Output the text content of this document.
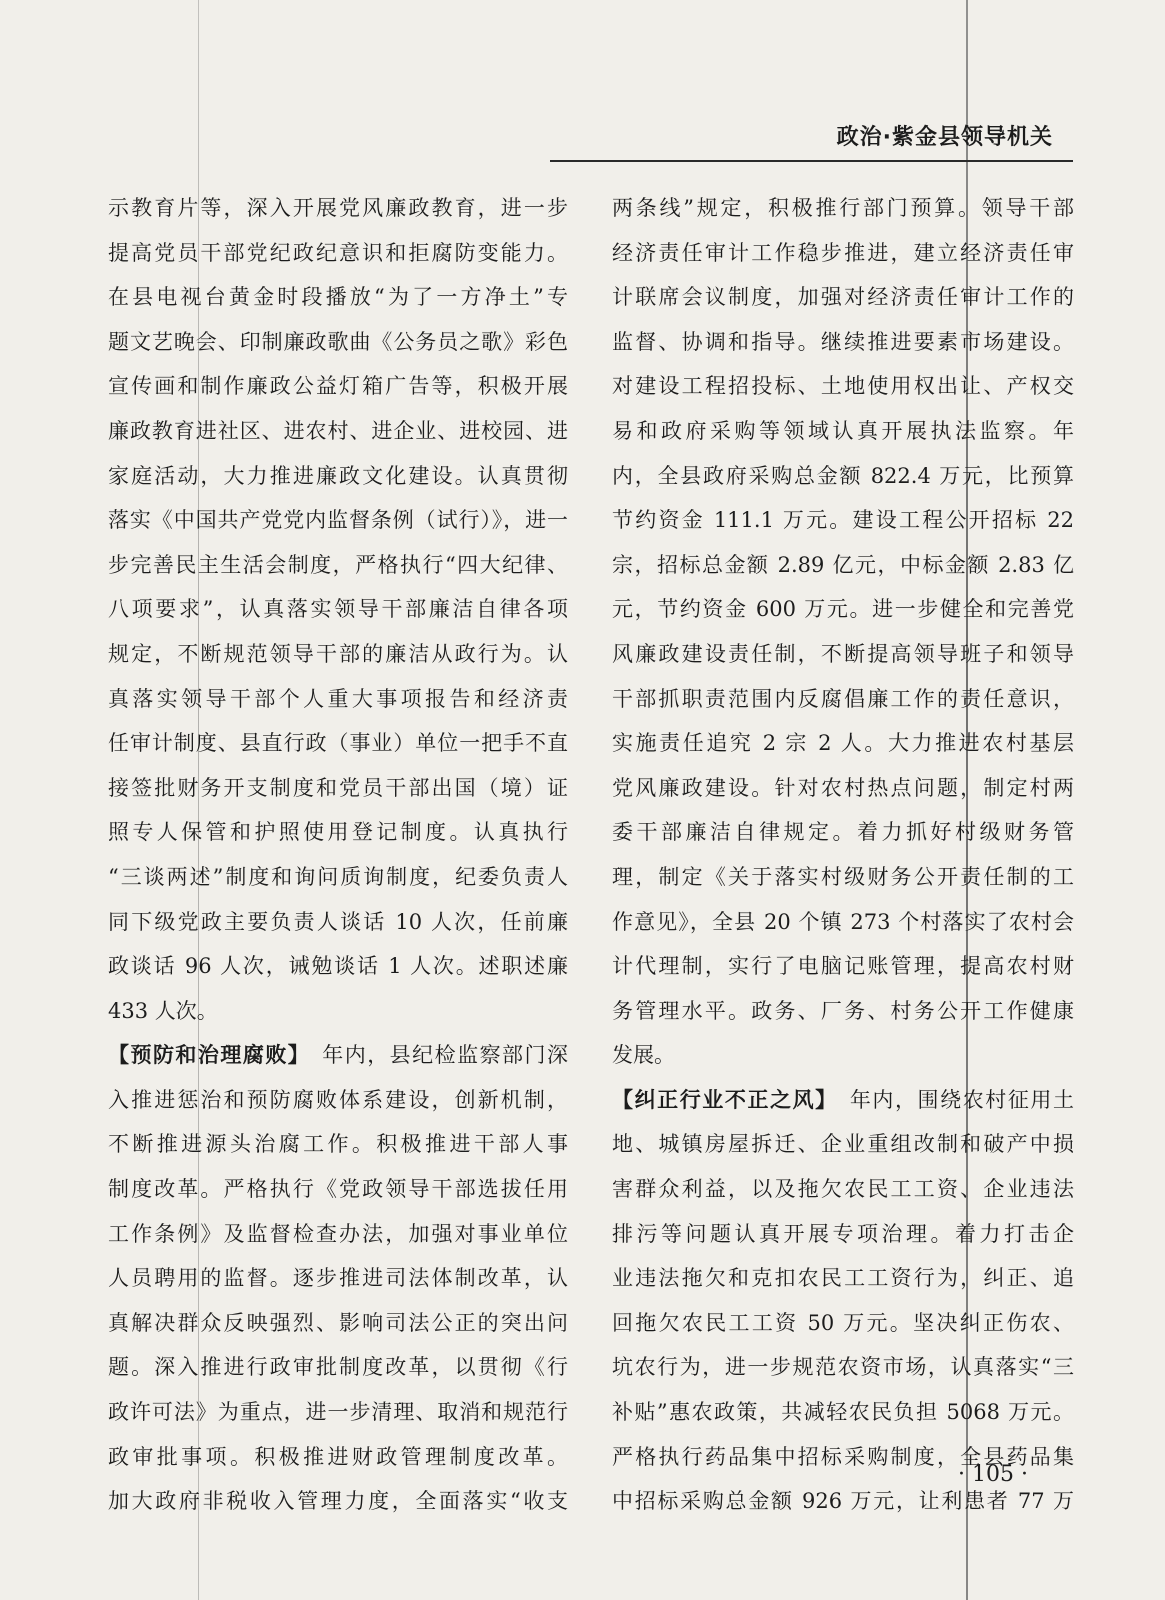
政治·紫金县领导机关
示教育片等，深入开展党风廉政教育，进一步
提高党员干部党纪政纪意识和拒腐防变能力。
在县电视台黄金时段播放“为了一方净土”专
题文艺晚会、印制廉政歌曲《公务员之歌》彩色
宣传画和制作廉政公益灯箱广告等，积极开展
廉政教育进社区、进农村、进企业、进校园、进
家庭活动，大力推进廉政文化建设。认真贯彻
落实《中国共产党党内监督条例（试行）》，进一
步完善民主生活会制度，严格执行“四大纪律、
八项要求”，认真落实领导干部廉洁自律各项
规定，不断规范领导干部的廉洁从政行为。认
真落实领导干部个人重大事项报告和经济责
任审计制度、县直行政（事业）单位一把手不直
接签批财务开支制度和党员干部出国（境）证
照专人保管和护照使用登记制度。认真执行
“三谈两述”制度和询问质询制度，纪委负责人
同下级党政主要负责人谈话 10 人次，任前廉
政谈话 96 人次，诫勉谈话 1 人次。述职述廉
433 人次。
【预防和治理腐败】　年内，县纪检监察部门深
入推进惩治和预防腐败体系建设，创新机制，
不断推进源头治腐工作。积极推进干部人事
制度改革。严格执行《党政领导干部选拔任用
工作条例》及监督检查办法，加强对事业单位
人员聘用的监督。逐步推进司法体制改革，认
真解决群众反映强烈、影响司法公正的突出问
题。深入推进行政审批制度改革，以贯彻《行
政许可法》为重点，进一步清理、取消和规范行
政审批事项。积极推进财政管理制度改革。
加大政府非税收入管理力度，全面落实“收支
两条线”规定，积极推行部门预算。领导干部
经济责任审计工作稳步推进，建立经济责任审
计联席会议制度，加强对经济责任审计工作的
监督、协调和指导。继续推进要素市场建设。
对建设工程招投标、土地使用权出让、产权交
易和政府采购等领域认真开展执法监察。年
内，全县政府采购总金额 822.4 万元，比预算
节约资金 111.1 万元。建设工程公开招标 22
宗，招标总金额 2.89 亿元，中标金额 2.83 亿
元，节约资金 600 万元。进一步健全和完善党
风廉政建设责任制，不断提高领导班子和领导
干部抓职责范围内反腐倡廉工作的责任意识，
实施责任追究 2 宗 2 人。大力推进农村基层
党风廉政建设。针对农村热点问题，制定村两
委干部廉洁自律规定。着力抓好村级财务管
理，制定《关于落实村级财务公开责任制的工
作意见》，全县 20 个镇 273 个村落实了农村会
计代理制，实行了电脑记账管理，提高农村财
务管理水平。政务、厂务、村务公开工作健康
发展。
【纠正行业不正之风】　年内，围绕农村征用土
地、城镇房屋拆迁、企业重组改制和破产中损
害群众利益，以及拖欠农民工工资、企业违法
排污等问题认真开展专项治理。着力打击企
业违法拖欠和克扣农民工工资行为，纠正、追
回拖欠农民工工资 50 万元。坚决纠正伤农、
坑农行为，进一步规范农资市场，认真落实“三
补贴”惠农政策，共减轻农民负担 5068 万元。
严格执行药品集中招标采购制度，全县药品集
中招标采购总金额 926 万元，让利患者 77 万
· 105 ·
